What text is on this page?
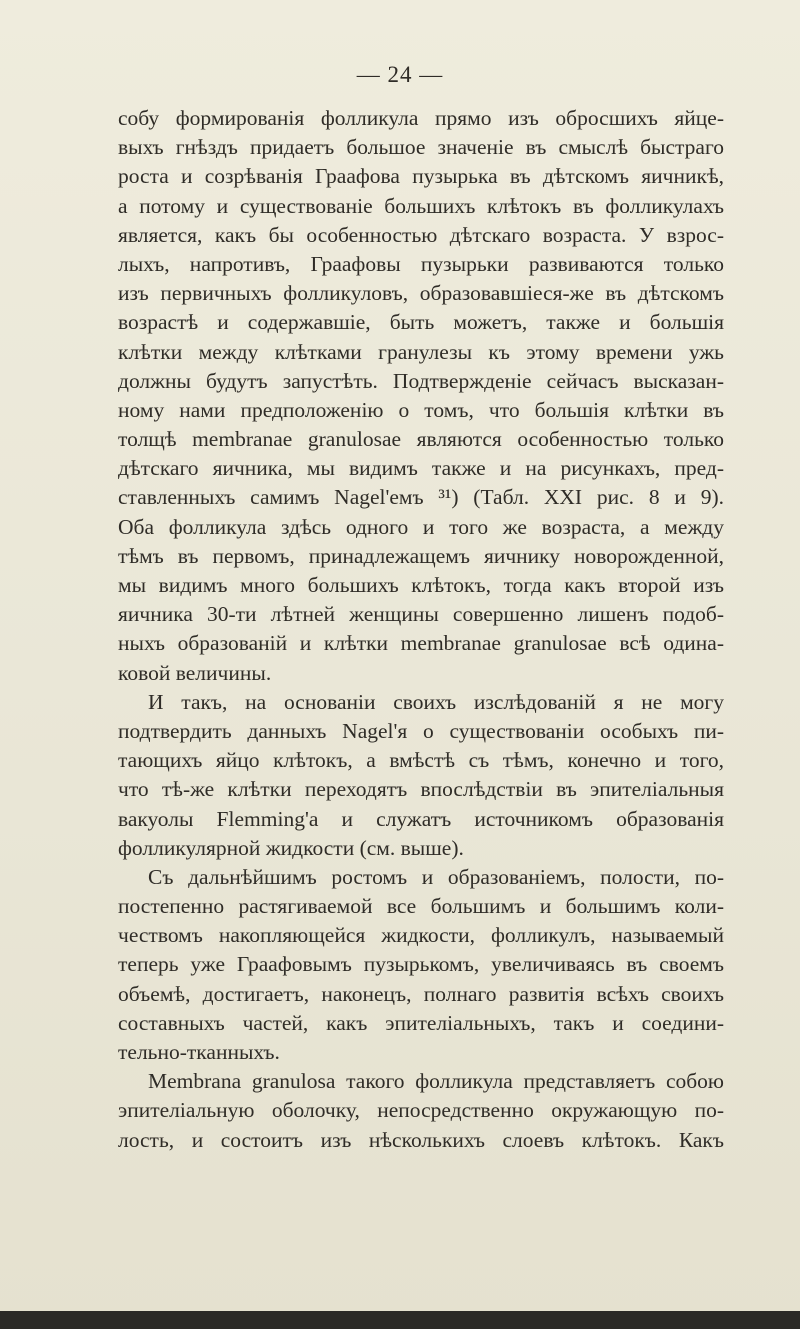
— 24 —
собу формированія фолликула прямо изъ обросшихъ яйце-
выхъ гнѣздъ придаетъ большое значеніе въ смыслѣ быстраго
роста и созрѣванія Граафова пузырька въ дѣтскомъ яичникѣ,
а потому и существованіе большихъ клѣтокъ въ фолликулахъ
является, какъ бы особенностью дѣтскаго возраста. У взрос-
лыхъ, напротивъ, Граафовы пузырьки развиваются только
изъ первичныхъ фолликуловъ, образовавшіеся-же въ дѣтскомъ
возрастѣ и содержавшіе, быть можетъ, также и большія
клѣтки между клѣтками гранулезы къ этому времени ужь
должны будутъ запустѣть. Подтвержденіе сейчасъ высказан-
ному нами предположенію о томъ, что большія клѣтки въ
толщѣ membranae granulosae являются особенностью только
дѣтскаго яичника, мы видимъ также и на рисункахъ, пред-
ставленныхъ самимъ Nagel'емъ ³¹) (Табл. XXI рис. 8 и 9).
Оба фолликула здѣсь одного и того же возраста, а между
тѣмъ въ первомъ, принадлежащемъ яичнику новорожденной,
мы видимъ много большихъ клѣтокъ, тогда какъ второй изъ
яичника 30-ти лѣтней женщины совершенно лишенъ подоб-
ныхъ образованій и клѣтки membranae granulosae всѣ одина-
ковой величины.
И такъ, на основаніи своихъ изслѣдованій я не могу
подтвердить данныхъ Nagel'я о существованіи особыхъ пи-
тающихъ яйцо клѣтокъ, а вмѣстѣ съ тѣмъ, конечно и того,
что тѣ-же клѣтки переходятъ впослѣдствіи въ эпителіальныя
вакуолы Flemming'а и служатъ источникомъ образованія
фолликулярной жидкости (см. выше).
Съ дальнѣйшимъ ростомъ и образованіемъ, полости, по-
постепенно растягиваемой все большимъ и большимъ коли-
чествомъ накопляющейся жидкости, фолликулъ, называемый
теперь уже Граафовымъ пузырькомъ, увеличиваясь въ своемъ
объемѣ, достигаетъ, наконецъ, полнаго развитія всѣхъ своихъ
составныхъ частей, какъ эпителіальныхъ, такъ и соедини-
тельно-тканныхъ.
Membrana granulosa такого фолликула представляетъ собою
эпителіальную оболочку, непосредственно окружающую по-
лость, и состоитъ изъ нѣсколькихъ слоевъ клѣтокъ. Какъ
